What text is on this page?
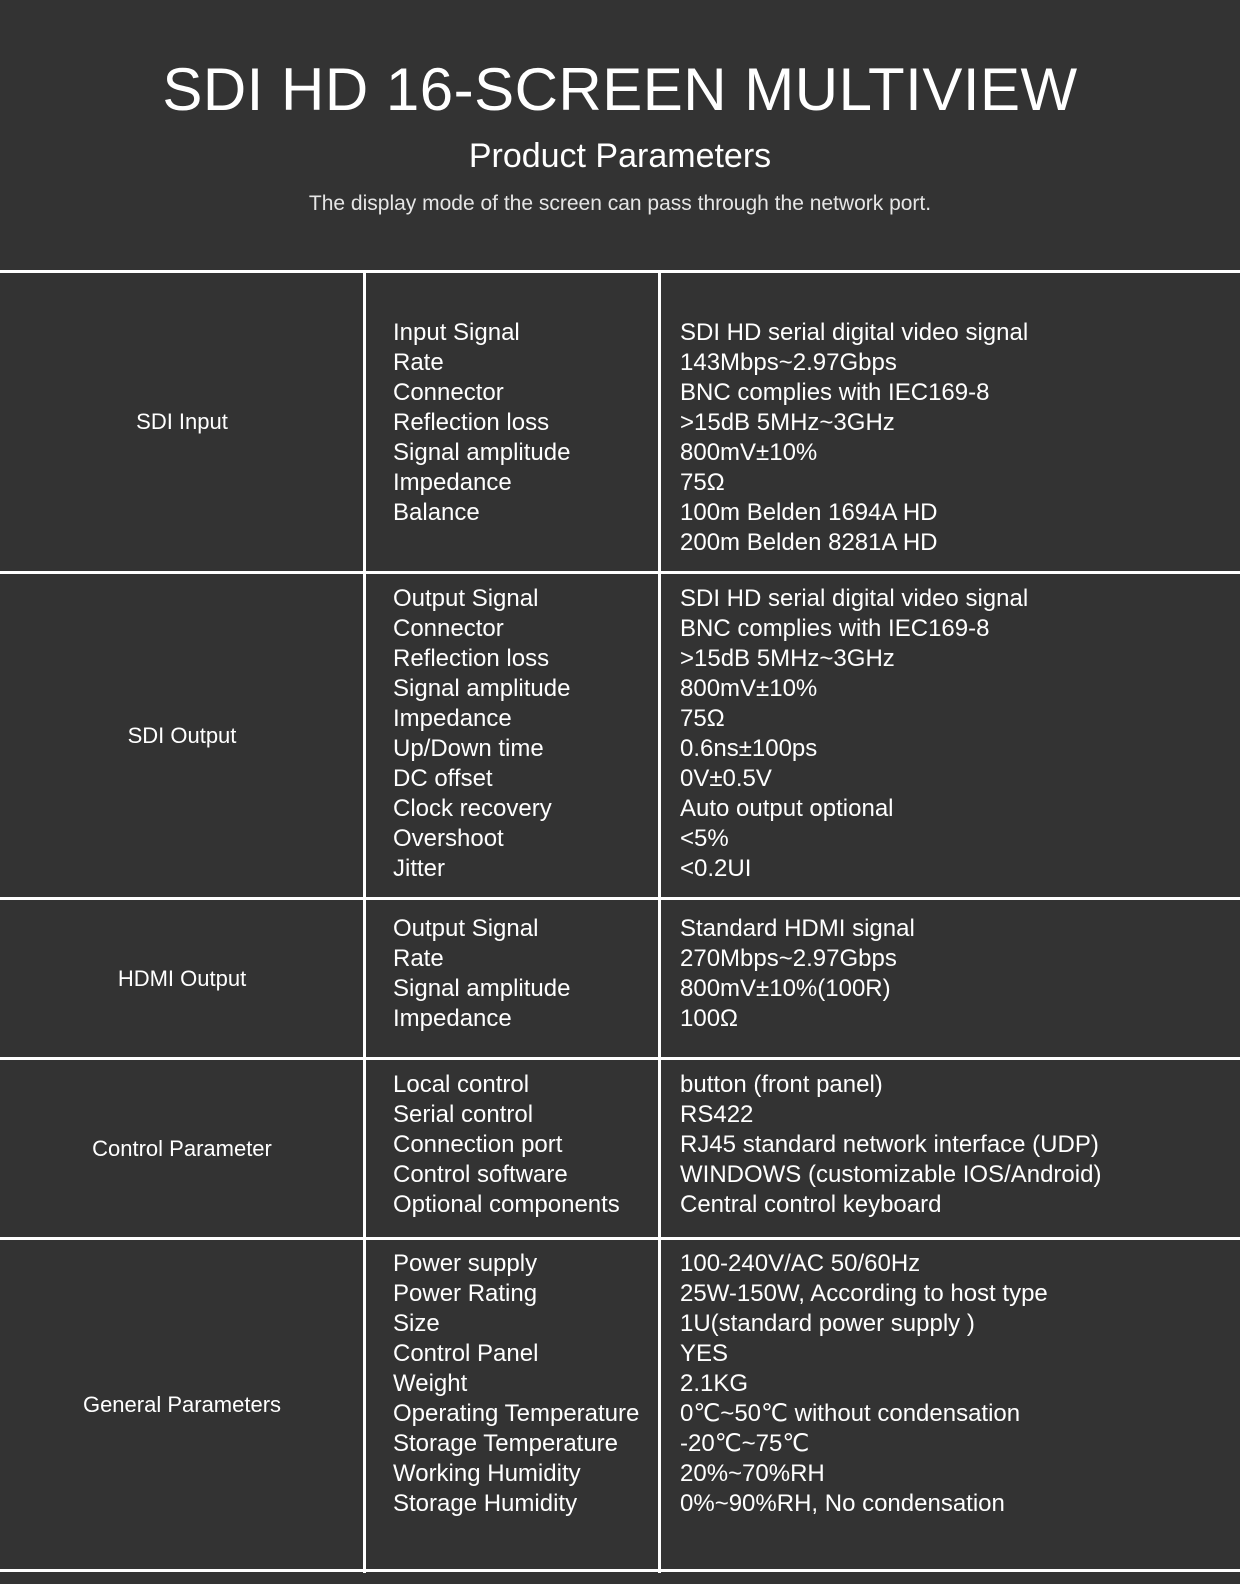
SDI HD 16-SCREEN MULTIVIEW
Product Parameters
The display mode of the screen can pass through the network port.
SDI Input
Input Signal
Rate
Connector
Reflection loss
Signal amplitude
Impedance
Balance
SDI HD serial digital video signal
143Mbps~2.97Gbps
BNC complies with IEC169-8
>15dB 5MHz~3GHz
800mV±10%
75Ω
100m Belden 1694A HD
200m Belden 8281A HD
SDI Output
Output Signal
Connector
Reflection loss
Signal amplitude
Impedance
Up/Down time
DC offset
Clock recovery
Overshoot
Jitter
SDI HD serial digital video signal
BNC complies with IEC169-8
>15dB 5MHz~3GHz
800mV±10%
75Ω
0.6ns±100ps
0V±0.5V
Auto output optional
<5%
<0.2UI
HDMI Output
Output Signal
Rate
Signal amplitude
Impedance
Standard HDMI signal
270Mbps~2.97Gbps
800mV±10%(100R)
100Ω
Control Parameter
Local control
Serial control
Connection port
Control software
Optional components
button (front panel)
RS422
RJ45 standard network interface (UDP)
WINDOWS (customizable IOS/Android)
Central control keyboard
General Parameters
Power supply
Power Rating
Size
Control Panel
Weight
Operating Temperature
Storage Temperature
Working Humidity
Storage Humidity
100-240V/AC 50/60Hz
25W-150W, According to host type
1U(standard power supply )
YES
2.1KG
0℃~50℃ without condensation
-20℃~75℃
20%~70%RH
0%~90%RH, No condensation
